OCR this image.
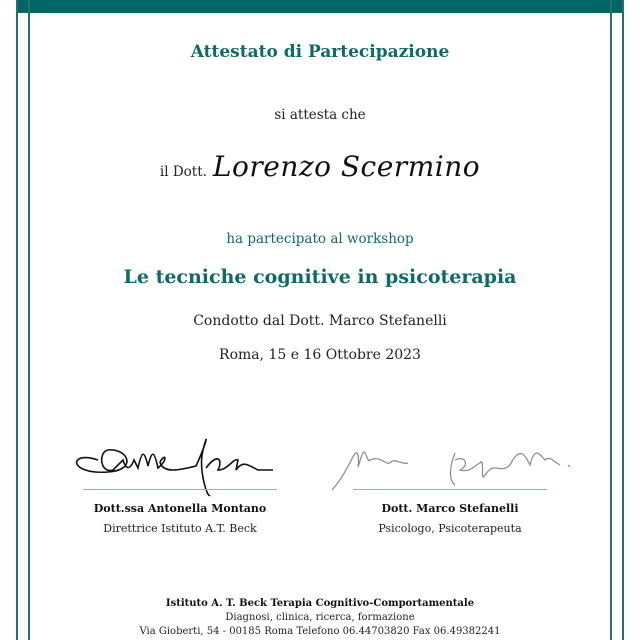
Attestato di Partecipazione
si attesta che
il Dott. Lorenzo Scermino
ha partecipato al workshop
Le tecniche cognitive in psicoterapia
Condotto dal Dott. Marco Stefanelli
Roma, 15 e 16 Ottobre 2023
Dott.ssa Antonella Montano
Direttrice Istituto A.T. Beck
Dott. Marco Stefanelli
Psicologo, Psicoterapeuta
Istituto A. T. Beck Terapia Cognitivo-Comportamentale
Diagnosi, clinica, ricerca, formazione
Via Gioberti, 54 - 00185 Roma Telefono 06.44703820 Fax 06.49382241
